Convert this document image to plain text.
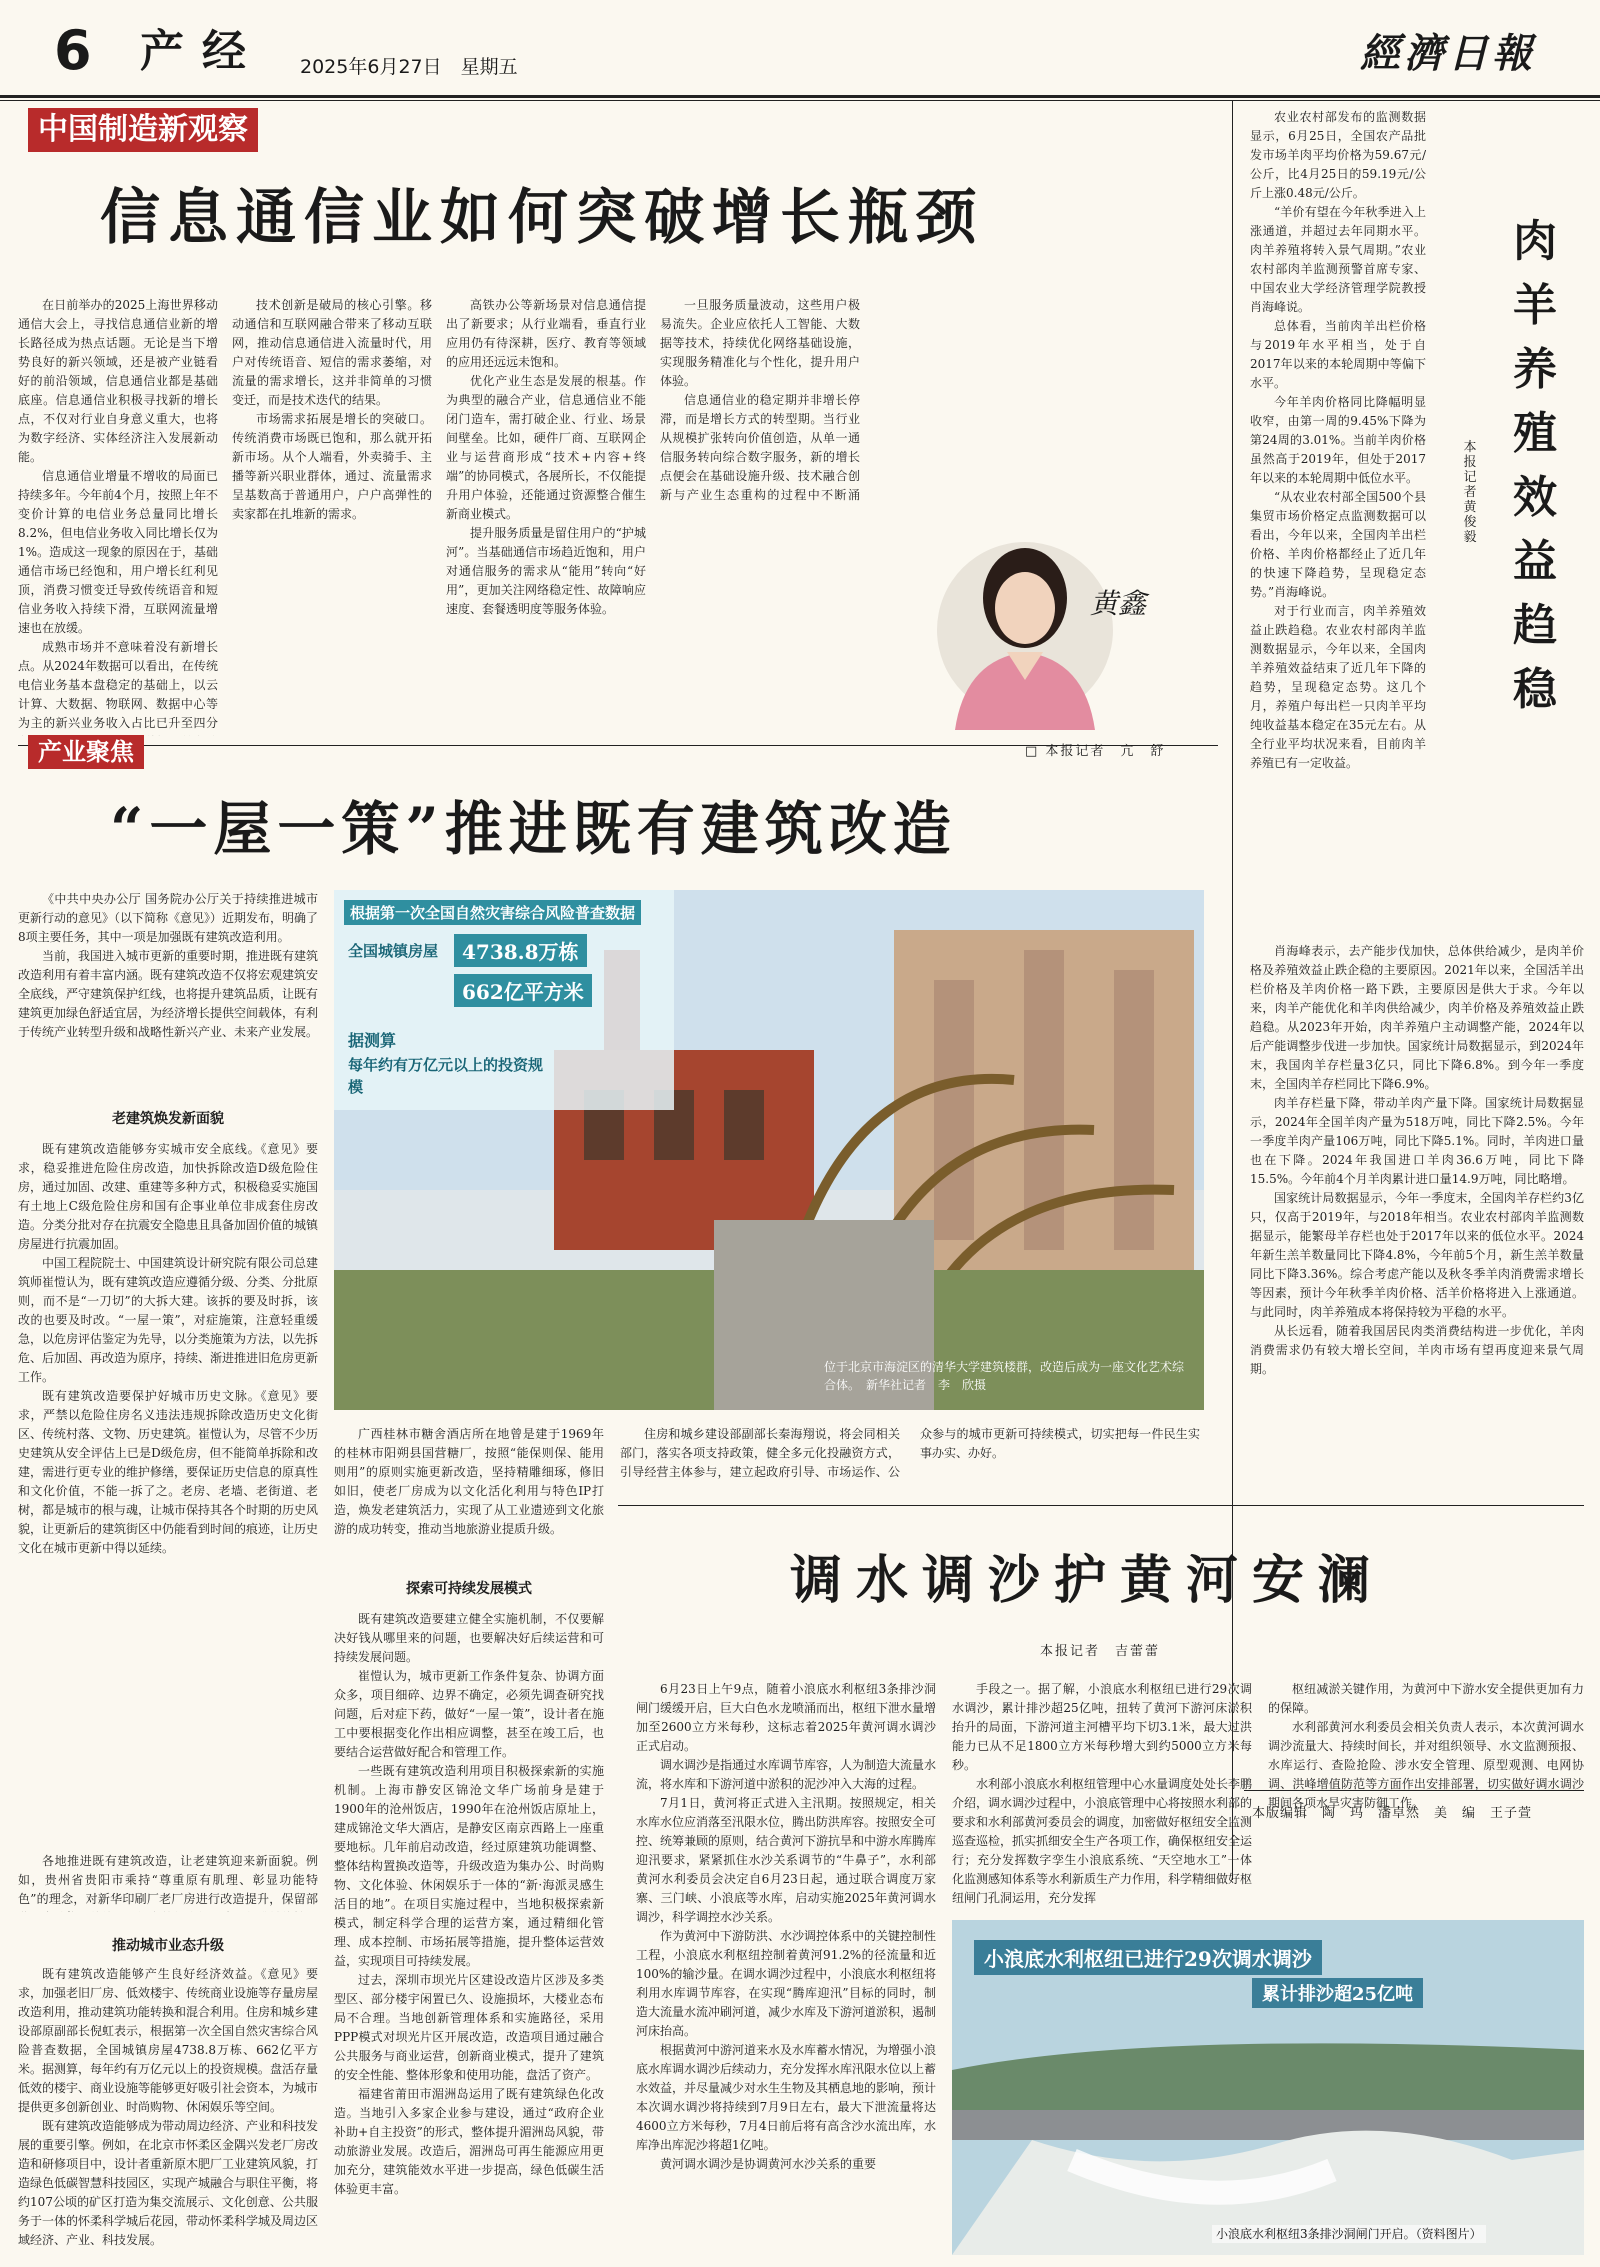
6 产经 2025年6月27日　星期五	經濟日報
中国制造新观察
信息通信业如何突破增长瓶颈

在日前举办的2025上海世界移动通信大会上，寻找信息通信业新的增长路径成为热点话题。无论是当下增势良好的新兴领域，还是被产业链看好的前沿领域，信息通信业都是基础底座。信息通信业积极寻找新的增长点，不仅对行业自身意义重大，也将为数字经济、实体经济注入发展新动能。

信息通信业增量不增收的局面已持续多年。今年前4个月，按照上年不变价计算的电信业务总量同比增长8.2%，但电信业务收入同比增长仅为1%。造成这一现象的原因在于，基础通信市场已经饱和，用户增长红利见顶，消费习惯变迁导致传统语音和短信业务收入持续下滑，互联网流量增速也在放缓。

成熟市场并不意味着没有新增长点。从2024年数据可以看出，在传统电信业务基本盘稳定的基础上，以云计算、大数据、物联网、数据中心等为主的新兴业务收入占比已升至四分

技术创新是破局的核心引擎。移动通信和互联网融合带来了移动互联网，推动信息通信进入流量时代，用户对传统语音、短信的需求萎缩，对流量的需求增长，这并非简单的习惯变迁，而是技术迭代的结果。

市场需求拓展是增长的突破口。传统消费市场既已饱和，那么就开拓新市场。从个人端看，外卖骑手、主播等新兴职业群体，通过、流量需求呈基数高于普通用户，户户高弹性的卖家都在扎堆新的需求。

高铁办公等新场景对信息通信提出了新要求；从行业端看，垂直行业应用仍有待深耕，医疗、教育等领域的应用还远远未饱和。

优化产业生态是发展的根基。作为典型的融合产业，信息通信业不能闭门造车，需打破企业、行业、场景间壁垒。比如，硬件厂商、互联网企业与运营商形成“技术+内容+终端”的协同模式，各展所长，不仅能提升用户体验，还能通过资源整合催生新商业模式。

提升服务质量是留住用户的“护城河”。当基础通信市场趋近饱和，用户对通信服务的需求从“能用”转向“好用”，更加关注网络稳定性、故障响应速度、套餐透明度等服务体验。

一旦服务质量波动，这些用户极易流失。企业应依托人工智能、大数据等技术，持续优化网络基础设施，实现服务精准化与个性化，提升用户体验。

信息通信业的稳定期并非增长停滞，而是增长方式的转型期。当行业从规模扩张转向价值创造，从单一通信服务转向综合数字服务，新的增长点便会在基础设施升级、技术融合创新与产业生态重构的过程中不断涌

黄鑫

农业农村部发布的监测数据显示，6月25日，全国农产品批发市场羊肉平均价格为59.67元/公斤，比4月25日的59.19元/公斤上涨0.48元/公斤。

“羊价有望在今年秋季进入上涨通道，并超过去年同期水平。肉羊养殖将转入景气周期。”农业农村部肉羊监测预警首席专家、中国农业大学经济管理学院教授肖海峰说。

总体看，当前肉羊出栏价格与2019年水平相当，处于自2017年以来的本轮周期中等偏下水平。

今年羊肉价格同比降幅明显收窄，由第一周的9.45%下降为第24周的3.01%。当前羊肉价格虽然高于2019年，但处于2017年以来的本轮周期中低位水平。

“从农业农村部全国500个县集贸市场价格定点监测数据可以看出，今年以来，全国肉羊出栏价格、羊肉价格都经止了近几年的快速下降趋势，呈现稳定态势。”肖海峰说。

对于行业而言，肉羊养殖效益止跌趋稳。农业农村部肉羊监测数据显示，今年以来，全国肉羊养殖效益结束了近几年下降的趋势，呈现稳定态势。这几个月，养殖户每出栏一只肉羊平均纯收益基本稳定在35元左右。从全行业平均状况来看，目前肉羊养殖已有一定收益。

肉羊养殖效益趋稳
本报记者 黄俊毅

肖海峰表示，去产能步伐加快，总体供给减少，是肉羊价格及养殖效益止跌企稳的主要原因。2021年以来，全国活羊出栏价格及羊肉价格一路下跌，主要原因是供大于求。今年以来，肉羊产能优化和羊肉供给减少，肉羊价格及养殖效益止跌趋稳。从2023年开始，肉羊养殖户主动调整产能，2024年以后产能调整步伐进一步加快。国家统计局数据显示，到2024年末，我国肉羊存栏量3亿只，同比下降6.8%。到今年一季度末，全国肉羊存栏同比下降6.9%。

肉羊存栏量下降，带动羊肉产量下降。国家统计局数据显示，2024年全国羊肉产量为518万吨，同比下降2.5%。今年一季度羊肉产量106万吨，同比下降5.1%。同时，羊肉进口量也在下降。2024年我国进口羊肉36.6万吨，同比下降15.5%。今年前4个月羊肉累计进口量14.9万吨，同比略增。

国家统计局数据显示，今年一季度末，全国肉羊存栏约3亿只，仅高于2019年，与2018年相当。农业农村部肉羊监测数据显示，能繁母羊存栏也处于2017年以来的低位水平。2024年新生羔羊数量同比下降4.8%，今年前5个月，新生羔羊数量同比下降3.36%。综合考虑产能以及秋冬季羊肉消费需求增长等因素，预计今年秋季羊肉价格、活羊价格将进入上涨通道。与此同时，肉羊养殖成本将保持较为平稳的水平。

从长远看，随着我国居民肉类消费结构进一步优化，羊肉消费需求仍有较大增长空间，羊肉市场有望再度迎来景气周期。

本版编辑　陶　玛　潘卓然　美　编　王子萱
产业聚焦	□ 本报记者　亢　舒
“一屋一策”推进既有建筑改造

《中共中央办公厅 国务院办公厅关于持续推进城市更新行动的意见》（以下简称《意见》）近期发布，明确了8项主要任务，其中一项是加强既有建筑改造利用。

当前，我国进入城市更新的重要时期，推进既有建筑改造利用有着丰富内涵。既有建筑改造不仅将宏观建筑安全底线，严守建筑保护红线，也将提升建筑品质，让既有建筑更加绿色舒适宜居，为经济增长提供空间载体，有利于传统产业转型升级和战略性新兴产业、未来产业发展。

老建筑焕发新面貌

既有建筑改造能够夯实城市安全底线。《意见》要求，稳妥推进危险住房改造，加快拆除改造D级危险住房，通过加固、改建、重建等多种方式，积极稳妥实施国有土地上C级危险住房和国有企事业单位非成套住房改造。分类分批对存在抗震安全隐患且具备加固价值的城镇房屋进行抗震加固。

中国工程院院士、中国建筑设计研究院有限公司总建筑师崔愷认为，既有建筑改造应遵循分级、分类、分批原则，而不是“一刀切”的大拆大建。该拆的要及时拆，该改的也要及时改。“一屋一策”，对症施策，注意轻重缓急，以危房评估鉴定为先导，以分类施策为方法，以先拆危、后加固、再改造为原序，持续、渐进推进旧危房更新工作。

既有建筑改造要保护好城市历史文脉。《意见》要求，严禁以危险住房名义违法违规拆除改造历史文化街区、传统村落、文物、历史建筑。崔愷认为，尽管不少历史建筑从安全评估上已是D级危房，但不能简单拆除和改建，需进行更专业的维护修缮，要保证历史信息的原真性和文化价值，不能一拆了之。老房、老墙、老街道、老树，都是城市的根与魂，让城市保持其各个时期的历史风貌，让更新后的建筑街区中仍能看到时间的痕迹，让历史文化在城市更新中得以延续。

各地推进既有建筑改造，让老建筑迎来新面貌。例如，贵州省贵阳市乘持“尊重原有肌理、彰显功能特色”的理念，对新华印刷厂老厂房进行改造提升，保留部

推动城市业态升级

既有建筑改造能够产生良好经济效益。《意见》要求，加强老旧厂房、低效楼宇、传统商业设施等存量房屋改造利用，推动建筑功能转换和混合利用。住房和城乡建设部原副部长倪虹表示，根据第一次全国自然灾害综合风险普查数据，全国城镇房屋4738.8万栋、662亿平方米。据测算，每年约有万亿元以上的投资规模。盘活存量低效的楼宇、商业设施等能够更好吸引社会资本，为城市提供更多创新创业、时尚购物、休闲娱乐等空间。

既有建筑改造能够成为带动周边经济、产业和科技发展的重要引擎。例如，在北京市怀柔区金隅兴发老厂房改造和研修项目中，设计者重新原木肥厂工业建筑风貌，打造绿色低碳智慧科技园区，实现产城融合与职住平衡，将约107公顷的矿区打造为集交流展示、文化创意、公共服务于一体的怀柔科学城后花园，带动怀柔科学城及周边区域经济、产业、科技发展。

根据第一次全国自然灾害综合风险普查数据
全国城镇房屋	4738.8万栋
662亿平方米
据测算
每年约有万亿元以上的投资规模
位于北京市海淀区的清华大学建筑楼群，改造后成为一座文化艺术综合体。　新华社记者　李　欣摄

广西桂林市糖舍酒店所在地曾是建于1969年的桂林市阳朔县国营糖厂，按照“能保则保、能用则用”的原则实施更新改造，坚持精雕细琢，修旧如旧，使老厂房成为以文化活化利用与特色IP打造，焕发老建筑活力，实现了从工业遗迹到文化旅游的成功转变，推动当地旅游业提质升级。

探索可持续发展模式

既有建筑改造要建立健全实施机制，不仅要解决好钱从哪里来的问题，也要解决好后续运营和可持续发展问题。

崔愷认为，城市更新工作条件复杂、协调方面众多，项目细碎、边界不确定，必须先调查研究找问题，后对症下药，做好“一屋一策”，设计者在施工中要根据变化作出相应调整，甚至在竣工后，也要结合运营做好配合和管理工作。

一些既有建筑改造利用项目积极探索新的实施机制。上海市静安区锦沧文华广场前身是建于1900年的沧州饭店，1990年在沧州饭店原址上，建成锦沧文华大酒店，是静安区南京西路上一座重要地标。几年前启动改造，经过原建筑功能调整、整体结构置换改造等，升级改造为集办公、时尚购物、文化体验、休闲娱乐于一体的“新·海派灵感生活目的地”。在项目实施过程中，当地积极探索新模式，制定科学合理的运营方案，通过精细化管理、成本控制、市场拓展等措施，提升整体运营效益，实现项目可持续发展。

过去，深圳市坝光片区建设改造片区涉及多类型区、部分楼宇闲置已久、设施损坏，大楼业态布局不合理。当地创新管理体系和实施路径，采用PPP模式对坝光片区开展改造，改造项目通过融合公共服务与商业运营，创新商业模式，提升了建筑的安全性能、整体形象和使用功能，盘活了资产。

福建省莆田市湄洲岛运用了既有建筑绿色化改造。当地引入多家企业参与建设，通过“政府企业补助+自主投资”的形式，整体提升湄洲岛风貌，带动旅游业发展。改造后，湄洲岛可再生能源应用更加充分，建筑能效水平进一步提高，绿色低碳生活体验更丰富。

住房和城乡建设部副部长秦海翔说，将会同相关部门，落实各项支持政策，健全多元化投融资方式，引导经营主体参与，建立起政府引导、市场运作、公众参与的城市更新可持续模式，切实把每一件民生实事办实、办好。

调水调沙护黄河安澜
本报记者　吉蕾蕾

6月23日上午9点，随着小浪底水利枢纽3条排沙洞闸门缓缓开启，巨大白色水龙喷涌而出，枢纽下泄水量增加至2600立方米每秒，这标志着2025年黄河调水调沙正式启动。

调水调沙是指通过水库调节库容，人为制造大流量水流，将水库和下游河道中淤积的泥沙冲入大海的过程。

7月1日，黄河将正式进入主汛期。按照规定，相关水库水位应消落至汛限水位，腾出防洪库容。按照安全可控、统筹兼顾的原则，结合黄河下游抗旱和中游水库腾库迎汛要求，紧紧抓住水沙关系调节的“牛鼻子”，水利部黄河水利委员会决定自6月23日起，通过联合调度万家寨、三门峡、小浪底等水库，启动实施2025年黄河调水调沙，科学调控水沙关系。

作为黄河中下游防洪、水沙调控体系中的关键控制性工程，小浪底水利枢纽控制着黄河91.2%的径流量和近100%的输沙量。在调水调沙过程中，小浪底水利枢纽将利用水库调节库容，在实现“腾库迎汛”目标的同时，制造大流量水流冲刷河道，减少水库及下游河道淤积，遏制河床抬高。

根据黄河中游河道来水及水库蓄水情况，为增强小浪底水库调水调沙后续动力，充分发挥水库汛限水位以上蓄水效益，并尽量减少对水生生物及其栖息地的影响，预计本次调水调沙将持续到7月9日左右，最大下泄流量将达4600立方米每秒，7月4日前后将有高含沙水流出库，水库净出库泥沙将超1亿吨。

黄河调水调沙是协调黄河水沙关系的重要

手段之一。据了解，小浪底水利枢纽已进行29次调水调沙，累计排沙超25亿吨，扭转了黄河下游河床淤积抬升的局面，下游河道主河槽平均下切3.1米，最大过洪能力已从不足1800立方米每秒增大到约5000立方米每秒。

水利部小浪底水利枢纽管理中心水量调度处处长李鹏介绍，调水调沙过程中，小浪底管理中心将按照水利部的要求和水利部黄河委员会的调度，加密做好枢纽安全监测巡查巡检，抓实抓细安全生产各项工作，确保枢纽安全运行；充分发挥数字孪生小浪底系统、“天空地水工”一体化监测感知体系等水利新质生产力作用，科学精细做好枢纽闸门孔洞运用，充分发挥

枢纽减淤关键作用，为黄河中下游水安全提供更加有力的保障。

水利部黄河水利委员会相关负责人表示，本次黄河调水调沙流量大、持续时间长，并对组织领导、水文监测预报、水库运行、查险抢险、涉水安全管理、原型观测、电网协调、洪峰增值防范等方面作出安排部署，切实做好调水调沙期间各项水旱灾害防御工作。

小浪底水利枢纽已进行29次调水调沙
累计排沙超25亿吨
小浪底水利枢纽3条排沙洞闸门开启。（资料图片）
